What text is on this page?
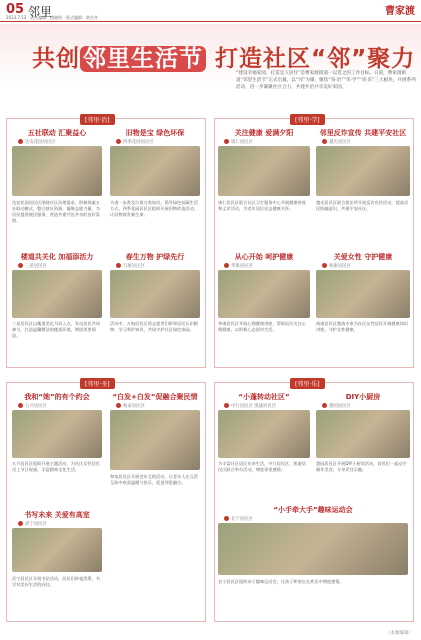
05 邻里
2023.7.12 · 责任编辑：唐晓明 · 版式编辑：黄会奇
曹家渡
共创 邻里生活节 打造社区“邻”聚力
“建设幸福家园，打造宜人居住”是曹家渡街道一以贯之的工作目标。日前，曹家渡街道“邻里生活节”正式启幕，以“邻”为媒，聚焦“邻·治”“邻·学”“邻·乐”三大板块，开展系列活动，进一步凝聚社区合力，共建共治共享美好家园。
[邻里·治]	[邻里·学]
[邻里·圣]	[邻里·乐]
五社联动 汇聚益心
达安花园居民区
达安花园居民区围绕社区治理需求，积极探索五社联动模式，整合辖区资源，凝聚志愿力量，为居民提供便民服务，营造共建共治共享的良好氛围。
旧物是宝 绿色环保
四季花园居民区
为进一步普及垃圾分类知识，倡导绿色低碳生活方式，四季花园居民区组织开展旧物改造活动，让旧物焕发新生命。
楼道共关化 加福添活力
三星居民区
三星居民区以楼道美化为切入点，发动居民共同参与，打造温馨整洁的楼道环境，增进邻里情谊。
春生万物 护绿先行
万航居民区
活动中，万航居民区的志愿者们带领居民认识植物、学习养护知识，共同守护社区绿色家园。
关注健康 爱满夕阳
康仁居民区
康仁居民区联合社区卫生服务中心开展健康讲座和义诊活动，为老年居民送去健康关怀。
邻里反诈宣传 共建平安社区
越光居民区
越光居民区联合派出所开展反诈宣传活动，提高居民防骗意识，共建平安社区。
从心开始 呵护健康
华康居民区
华康居民区开展心理健康讲座，帮助居民关注心理健康，以积极心态面对生活。
关爱女性 守护健康
裕康居民区
裕康居民区邀请专家为社区女性居民开展健康知识讲座，守护女性健康。
我和“她”的有个约会
五兴居民区
五兴居民区组织开展主题活动，为社区女性居民送上节日祝福，丰富精神文化生活。
“白发+白发”促融合聚民情
和家居民区
和家居民区开展老年互助活动，让老年人在互帮互助中收获温暖与快乐，促进邻里融合。
书写未来 关爱有高室
武宁居民区
武宁居民区开展书法活动，居民们挥毫泼墨，书写对美好生活的向往。
“小蓬转动社区”
中行居民区 凯旋居民区
为丰富社区居民业余生活，中行居民区、凯旋居民区联合举办活动，增进邻里感情。
DIY小厨房
愚园居民区
愚园居民区开展DIY小厨房活动，居民们一起动手制作美食，分享烹饪乐趣。
“小手牵大手”趣味运动会
长宁居民区
长宁居民区组织亲子趣味运动会，让孩子和家长在欢乐中增进感情。
（本版编辑）
